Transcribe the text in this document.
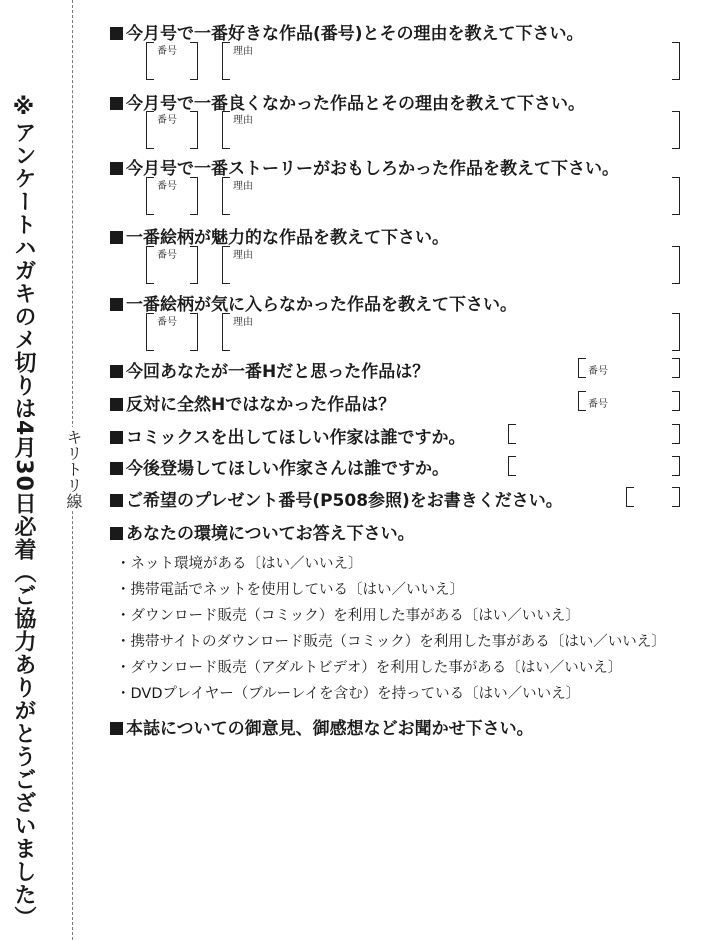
※アンケートハガキのメ切りは4月30日必着（ご協力ありがとうございました） キリトリ線
今月号で一番好きな作品(番号)とその理由を教えて下さい。
番号	理由
今月号で一番良くなかった作品とその理由を教えて下さい。
番号	理由
今月号で一番ストーリーがおもしろかった作品を教えて下さい。
番号	理由
一番絵柄が魅力的な作品を教えて下さい。
番号	理由
一番絵柄が気に入らなかった作品を教えて下さい。
番号	理由
今回あなたが一番Hだと思った作品は？	番号
反対に全然Hではなかった作品は？	番号
コミックスを出してほしい作家は誰ですか。
今後登場してほしい作家さんは誰ですか。
ご希望のプレゼント番号(P508参照)をお書きください。
あなたの環境についてお答え下さい。
・ネット環境がある〔はい／いいえ〕
・携帯電話でネットを使用している〔はい／いいえ〕
・ダウンロード販売（コミック）を利用した事がある〔はい／いいえ〕
・携帯サイトのダウンロード販売（コミック）を利用した事がある〔はい／いいえ〕
・ダウンロード販売（アダルトビデオ）を利用した事がある〔はい／いいえ〕
・DVDプレイヤー（ブルーレイを含む）を持っている〔はい／いいえ〕
本誌についての御意見、御感想などお聞かせ下さい。
